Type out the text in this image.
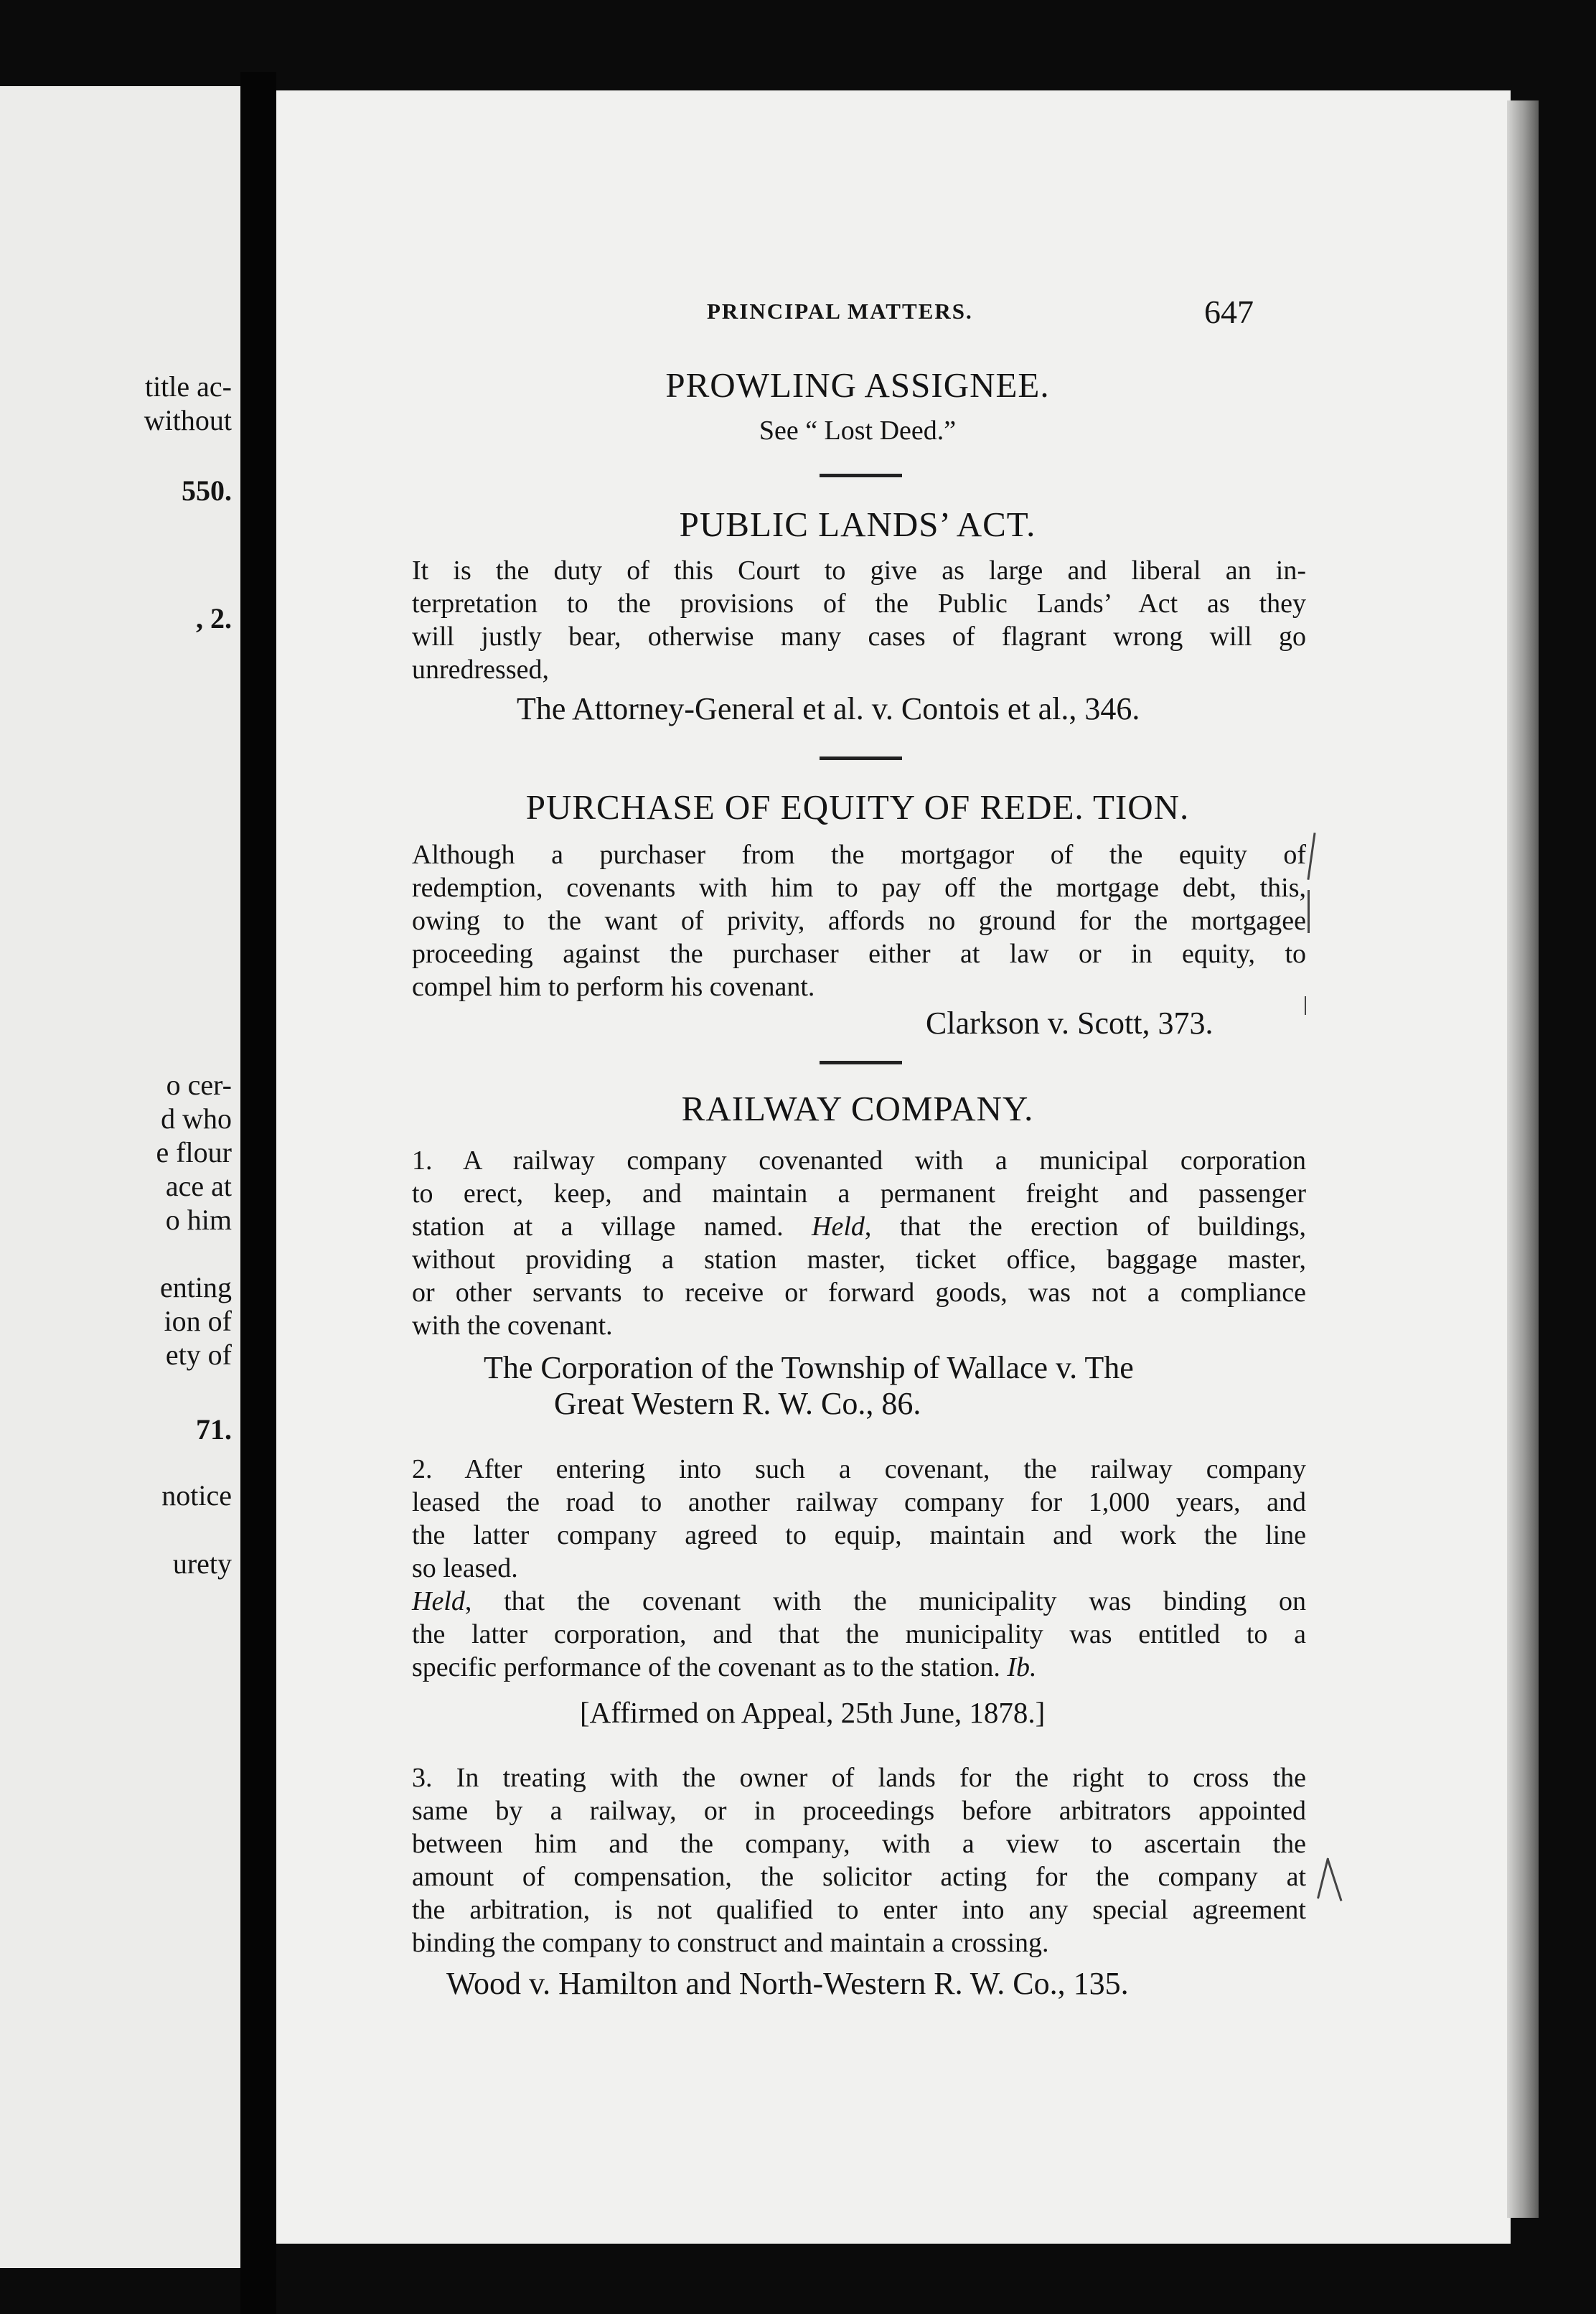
title ac-
without
550.
, 2.
o cer-
d who
e flour
ace at
o him
enting
ion of
ety of
71.
notice
urety
PRINCIPAL MATTERS.	647
PROWLING ASSIGNEE.
See “ Lost Deed.”
PUBLIC LANDS’ ACT.
It is the duty of this Court to give as large and liberal an in-
terpretation to the provisions of the Public Lands’ Act as they
will justly bear, otherwise many cases of flagrant wrong will go
unredressed,
The Attorney-General et al. v. Contois et al., 346.
PURCHASE OF EQUITY OF REDE. TION.
Although a purchaser from the mortgagor of the equity of
redemption, covenants with him to pay off the mortgage debt, this,
owing to the want of privity, affords no ground for the mortgagee
proceeding against the purchaser either at law or in equity, to
compel him to perform his covenant.
Clarkson v. Scott, 373.
RAILWAY COMPANY.
1. A railway company covenanted with a municipal corporation
to erect, keep, and maintain a permanent freight and passenger
station at a village named. Held, that the erection of buildings,
without providing a station master, ticket office, baggage master,
or other servants to receive or forward goods, was not a compliance
with the covenant.
The Corporation of the Township of Wallace v. The
Great Western R. W. Co., 86.
2. After entering into such a covenant, the railway company
leased the road to another railway company for 1,000 years, and
the latter company agreed to equip, maintain and work the line
so leased.
Held, that the covenant with the municipality was binding on
the latter corporation, and that the municipality was entitled to a
specific performance of the covenant as to the station. Ib.
[Affirmed on Appeal, 25th June, 1878.]
3. In treating with the owner of lands for the right to cross the
same by a railway, or in proceedings before arbitrators appointed
between him and the company, with a view to ascertain the
amount of compensation, the solicitor acting for the company at
the arbitration, is not qualified to enter into any special agreement
binding the company to construct and maintain a crossing.
Wood v. Hamilton and North-Western R. W. Co., 135.
